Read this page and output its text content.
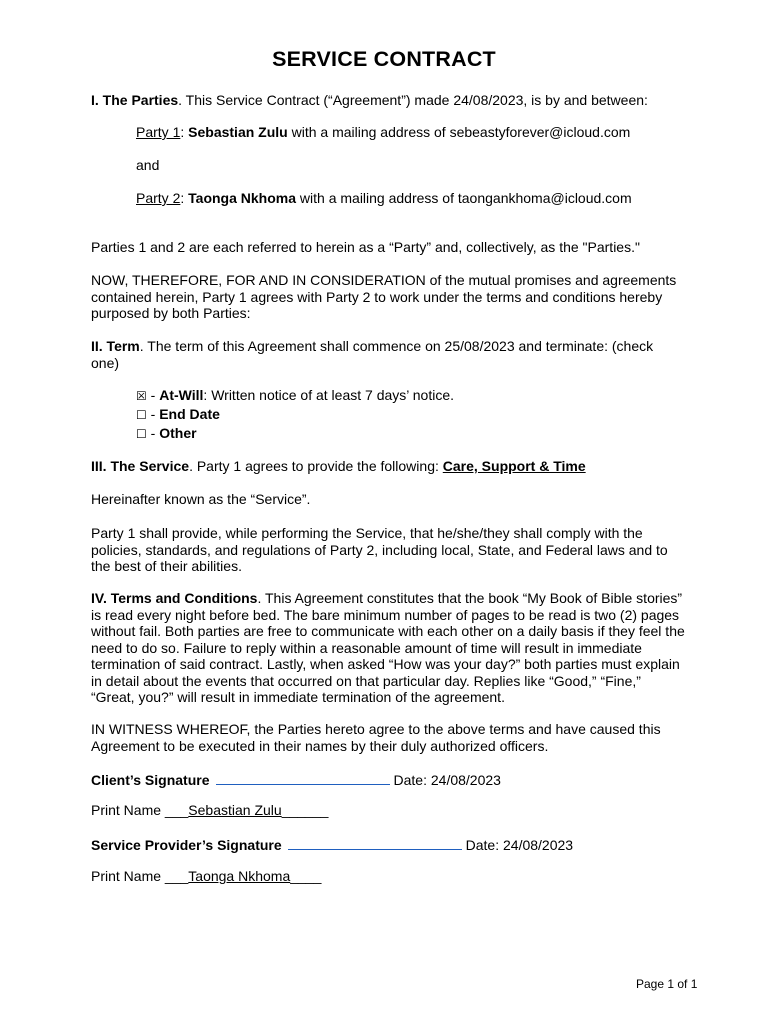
SERVICE CONTRACT
I. The Parties. This Service Contract (“Agreement”) made 24/08/2023, is by and between:
Party 1: Sebastian Zulu with a mailing address of sebeastyforever@icloud.com
and
Party 2: Taonga Nkhoma with a mailing address of taongankhoma@icloud.com
Parties 1 and 2 are each referred to herein as a “Party” and, collectively, as the "Parties."
NOW, THEREFORE, FOR AND IN CONSIDERATION of the mutual promises and agreements
contained herein, Party 1 agrees with Party 2 to work under the terms and conditions hereby
purposed by both Parties:
II. Term. The term of this Agreement shall commence on 25/08/2023 and terminate: (check
one)
☒ - At-Will: Written notice of at least 7 days’ notice.
☐ - End Date
☐ - Other
III. The Service. Party 1 agrees to provide the following: Care, Support & Time
Hereinafter known as the “Service”.
Party 1 shall provide, while performing the Service, that he/she/they shall comply with the
policies, standards, and regulations of Party 2, including local, State, and Federal laws and to
the best of their abilities.
IV. Terms and Conditions. This Agreement constitutes that the book “My Book of Bible stories”
is read every night before bed. The bare minimum number of pages to be read is two (2) pages
without fail. Both parties are free to communicate with each other on a daily basis if they feel the
need to do so. Failure to reply within a reasonable amount of time will result in immediate
termination of said contract. Lastly, when asked “How was your day?” both parties must explain
in detail about the events that occurred on that particular day. Replies like “Good,” “Fine,”
“Great, you?” will result in immediate termination of the agreement.
IN WITNESS WHEREOF, the Parties hereto agree to the above terms and have caused this
Agreement to be executed in their names by their duly authorized officers.
Client’s Signature	Date: 24/08/2023
Print Name ___Sebastian Zulu______
Service Provider’s Signature	Date: 24/08/2023
Print Name ___Taonga Nkhoma____
Page 1 of 1
